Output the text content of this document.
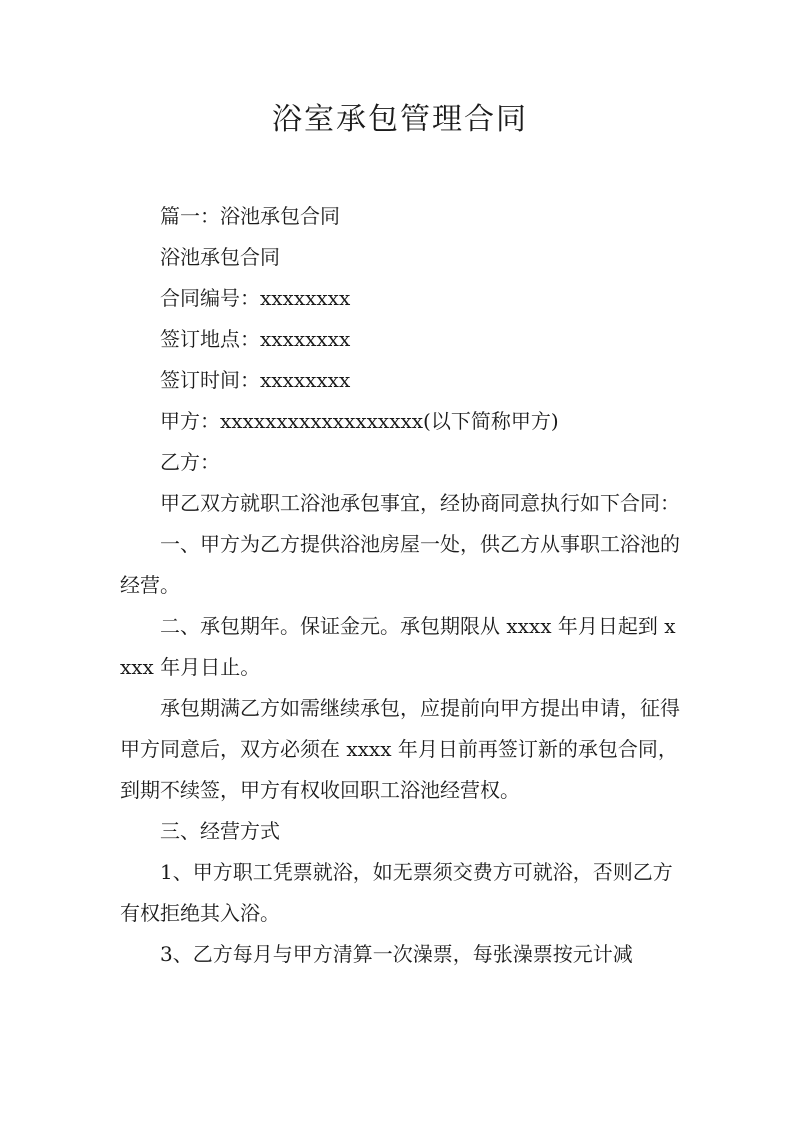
浴室承包管理合同

篇一：浴池承包合同

浴池承包合同

合同编号：xxxxxxxx

签订地点：xxxxxxxx

签订时间：xxxxxxxx

甲方：xxxxxxxxxxxxxxxxxx(以下简称甲方)

乙方：

甲乙双方就职工浴池承包事宜，经协商同意执行如下合同：

一、甲方为乙方提供浴池房屋一处，供乙方从事职工浴池的经营。

二、承包期年。保证金元。承包期限从 xxxx 年月日起到 xxxx 年月日止。

承包期满乙方如需继续承包，应提前向甲方提出申请，征得甲方同意后，双方必须在 xxxx 年月日前再签订新的承包合同，到期不续签，甲方有权收回职工浴池经营权。

三、经营方式

1、甲方职工凭票就浴，如无票须交费方可就浴，否则乙方有权拒绝其入浴。

3、乙方每月与甲方清算一次澡票，每张澡票按元计减
